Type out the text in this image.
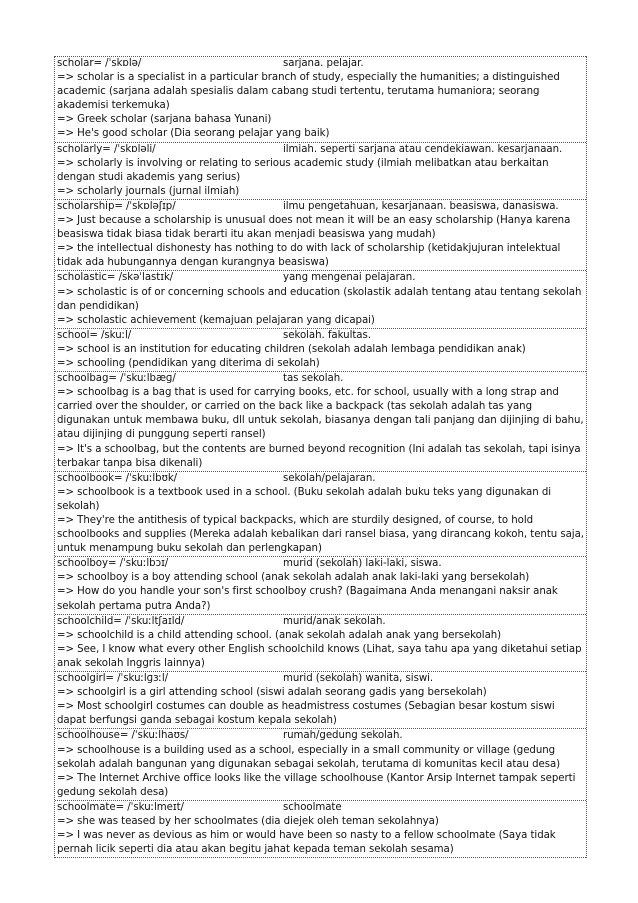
scholar= /ˈskɒlə/	sarjana. pelajar.
=> scholar is a specialist in a particular branch of study, especially the humanities; a distinguished academic (sarjana adalah spesialis dalam cabang studi tertentu, terutama humaniora; seorang akademisi terkemuka)
=> Greek scholar (sarjana bahasa Yunani)
=> He's good scholar (Dia seorang pelajar yang baik)
scholarly= /ˈskɒləli/	ilmiah. seperti sarjana atau cendekiawan. kesarjanaan.
=> scholarly is involving or relating to serious academic study (ilmiah melibatkan atau berkaitan dengan studi akademis yang serius)
=> scholarly journals (jurnal ilmiah)
scholarship= /ˈskɒləʃɪp/	ilmu pengetahuan, kesarjanaan. beasiswa, danasiswa.
=> Just because a scholarship is unusual does not mean it will be an easy scholarship (Hanya karena beasiswa tidak biasa tidak berarti itu akan menjadi beasiswa yang mudah)
=> the intellectual dishonesty has nothing to do with lack of scholarship (ketidakjujuran intelektual tidak ada hubungannya dengan kurangnya beasiswa)
scholastic= /skəˈlastɪk/	yang mengenai pelajaran.
=> scholastic is of or concerning schools and education (skolastik adalah tentang atau tentang sekolah dan pendidikan)
=> scholastic achievement (kemajuan pelajaran yang dicapai)
school= /skuːl/	sekolah. fakultas.
=> school is an institution for educating children (sekolah adalah lembaga pendidikan anak)
=> schooling (pendidikan yang diterima di sekolah)
schoolbag= /ˈskuːlbæɡ/	tas sekolah.
=> schoolbag is a bag that is used for carrying books, etc. for school, usually with a long strap and carried over the shoulder, or carried on the back like a backpack (tas sekolah adalah tas yang digunakan untuk membawa buku, dll untuk sekolah, biasanya dengan tali panjang dan dijinjing di bahu, atau dijinjing di punggung seperti ransel)
=> It's a schoolbag, but the contents are burned beyond recognition (Ini adalah tas sekolah, tapi isinya terbakar tanpa bisa dikenali)
schoolbook= /ˈskuːlbʊk/	sekolah/pelajaran.
=> schoolbook is a textbook used in a school. (Buku sekolah adalah buku teks yang digunakan di sekolah)
=> They're the antithesis of typical backpacks, which are sturdily designed, of course, to hold schoolbooks and supplies (Mereka adalah kebalikan dari ransel biasa, yang dirancang kokoh, tentu saja, untuk menampung buku sekolah dan perlengkapan)
schoolboy= /ˈskuːlbɔɪ/	murid (sekolah) laki-laki, siswa.
=> schoolboy is a boy attending school (anak sekolah adalah anak laki-laki yang bersekolah)
=> How do you handle your son's first schoolboy crush? (Bagaimana Anda menangani naksir anak sekolah pertama putra Anda?)
schoolchild= /ˈskuːltʃaɪld/	murid/anak sekolah.
=> schoolchild is a child attending school. (anak sekolah adalah anak yang bersekolah)
=> See, I know what every other English schoolchild knows (Lihat, saya tahu apa yang diketahui setiap anak sekolah Inggris lainnya)
schoolgirl= /ˈskuːlɡɜːl/	murid (sekolah) wanita, siswi.
=> schoolgirl is a girl attending school (siswi adalah seorang gadis yang bersekolah)
=> Most schoolgirl costumes can double as headmistress costumes (Sebagian besar kostum siswi dapat berfungsi ganda sebagai kostum kepala sekolah)
schoolhouse= /ˈskuːlhaʊs/	rumah/gedung sekolah.
=> schoolhouse is a building used as a school, especially in a small community or village (gedung sekolah adalah bangunan yang digunakan sebagai sekolah, terutama di komunitas kecil atau desa)
=> The Internet Archive office looks like the village schoolhouse (Kantor Arsip Internet tampak seperti gedung sekolah desa)
schoolmate= /ˈskuːlmeɪt/	schoolmate
=> she was teased by her schoolmates (dia diejek oleh teman sekolahnya)
=> I was never as devious as him or would have been so nasty to a fellow schoolmate (Saya tidak pernah licik seperti dia atau akan begitu jahat kepada teman sekolah sesama)
